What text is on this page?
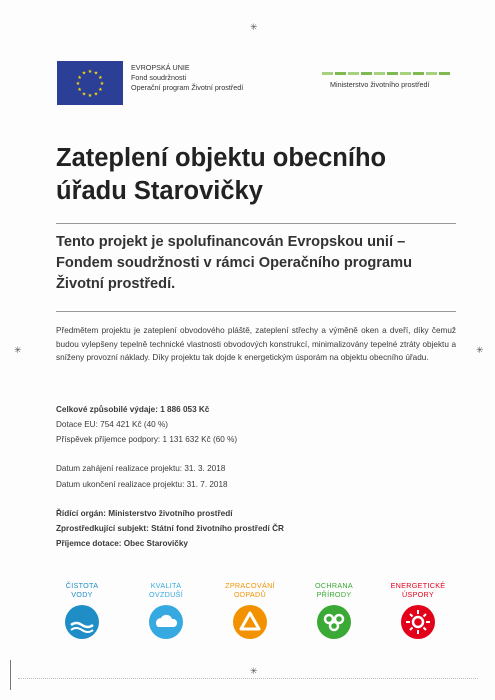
★ ★
★
★
★
★
★
★
★
★
★
★
EVROPSKÁ UNIE
Fond soudržnosti
Operační program Životní prostředí	Ministerstvo životního prostředí
Zateplení objektu obecního
úřadu Starovičky
Tento projekt je spolufinancován Evropskou unií –
Fondem soudržnosti v rámci Operačního programu
Životní prostředí.
Předmětem projektu je zateplení obvodového pláště, zateplení střechy a výměně oken a dveří, díky čemuž budou vylepšeny tepelně technické vlastnosti obvodových konstrukcí, minimalizovány tepelné ztráty objektu a sníženy provozní náklady. Díky projektu tak dojde k energetickým úsporám na objektu obecního úřadu.
Celkové způsobilé výdaje: 1 886 053 Kč
Dotace EU: 754 421 Kč (40 %)
Příspěvek příjemce podpory: 1 131 632 Kč (60 %)
Datum zahájení realizace projektu: 31. 3. 2018
Datum ukončení realizace projektu: 31. 7. 2018
Řídící orgán: Ministerstvo životního prostředí
Zprostředkující subjekt: Státní fond životního prostředí ČR
Příjemce dotace: Obec Starovičky
ČISTOTA
VODY
KVALITA
OVZDUŠÍ
ZPRACOVÁNÍ
ODPADŮ
OCHRANA
PŘÍRODY
ENERGETICKÉ
ÚSPORY
✳
✳	✳
✳
